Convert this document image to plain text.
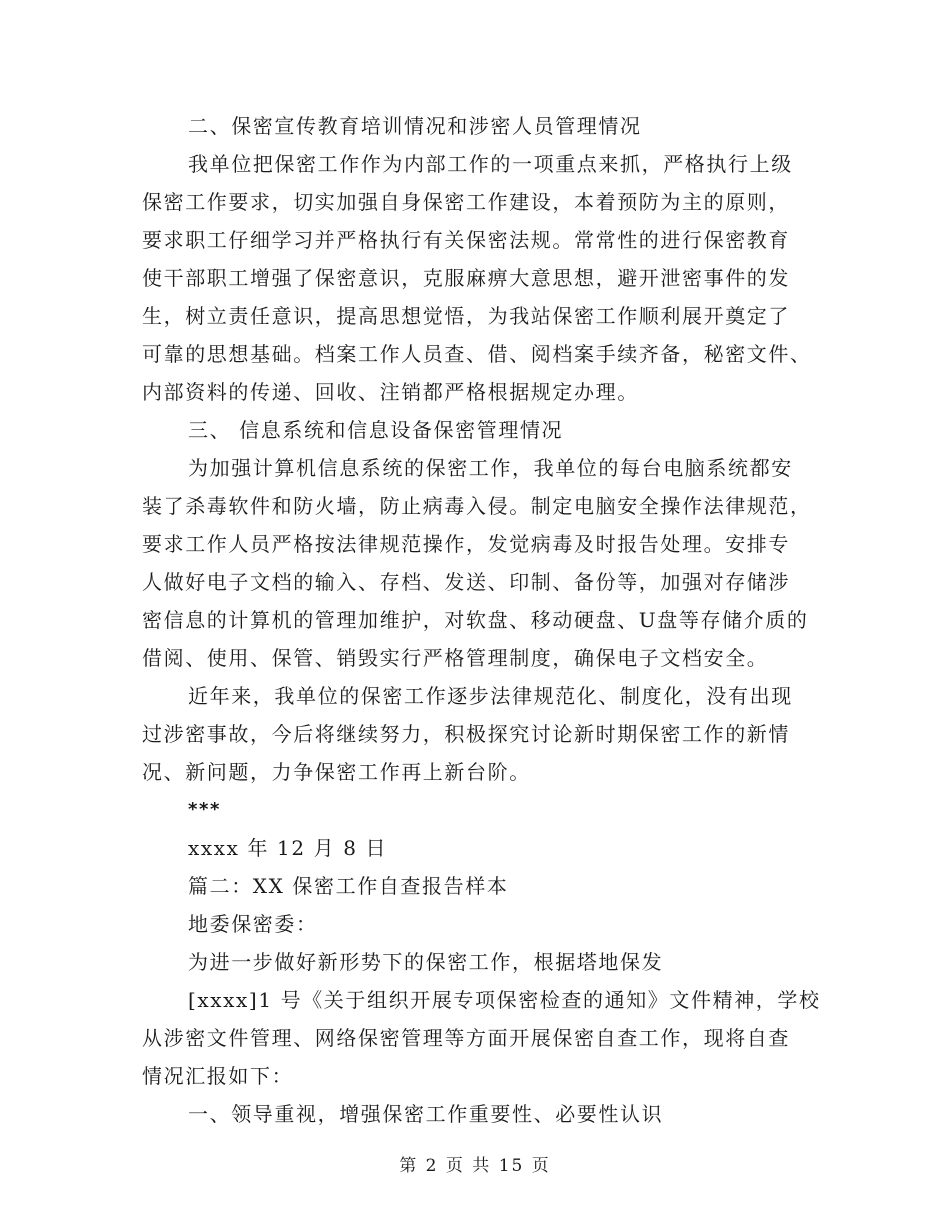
二、保密宣传教育培训情况和涉密人员管理情况
我单位把保密工作作为内部工作的一项重点来抓，严格执行上级
保密工作要求，切实加强自身保密工作建设，本着预防为主的原则，
要求职工仔细学习并严格执行有关保密法规。常常性的进行保密教育
使干部职工增强了保密意识，克服麻痹大意思想，避开泄密事件的发
生，树立责任意识，提高思想觉悟，为我站保密工作顺利展开奠定了
可靠的思想基础。档案工作人员查、借、阅档案手续齐备，秘密文件、
内部资料的传递、回收、注销都严格根据规定办理。
三、 信息系统和信息设备保密管理情况
为加强计算机信息系统的保密工作，我单位的每台电脑系统都安
装了杀毒软件和防火墙，防止病毒入侵。制定电脑安全操作法律规范，
要求工作人员严格按法律规范操作，发觉病毒及时报告处理。安排专
人做好电子文档的输入、存档、发送、印制、备份等，加强对存储涉
密信息的计算机的管理加维护，对软盘、移动硬盘、U盘等存储介质的
借阅、使用、保管、销毁实行严格管理制度，确保电子文档安全。
近年来，我单位的保密工作逐步法律规范化、制度化，没有出现
过涉密事故，今后将继续努力，积极探究讨论新时期保密工作的新情
况、新问题，力争保密工作再上新台阶。
***
xxxx 年 12 月 8 日
篇二：XX 保密工作自查报告样本
地委保密委：
为进一步做好新形势下的保密工作，根据塔地保发
[xxxx]1 号《关于组织开展专项保密检查的通知》文件精神，学校
从涉密文件管理、网络保密管理等方面开展保密自查工作，现将自查
情况汇报如下：
一、领导重视，增强保密工作重要性、必要性认识
第 2 页 共 15 页
